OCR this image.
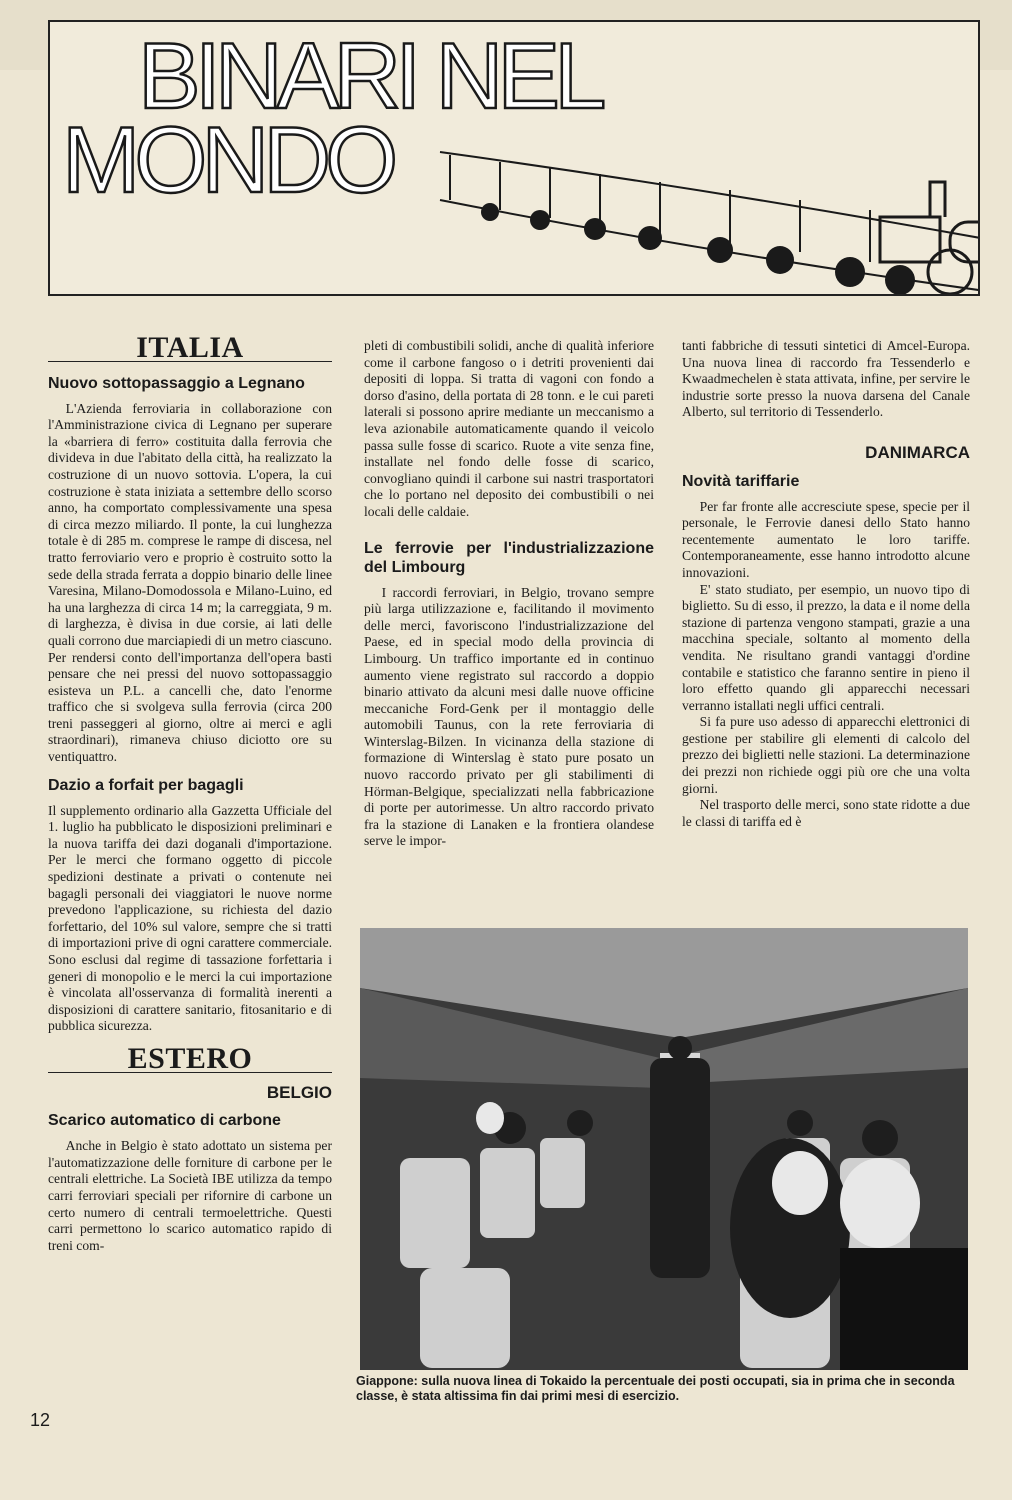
BINARI NEL
MONDO
ITALIA
Nuovo sottopassaggio a Legnano

L'Azienda ferroviaria in collaborazione con l'Amministrazione civica di Legnano per superare la «barriera di ferro» costituita dalla ferrovia che divideva in due l'abitato della città, ha realizzato la costruzione di un nuovo sottovia. L'opera, la cui costruzione è stata iniziata a settembre dello scorso anno, ha comportato complessivamente una spesa di circa mezzo miliardo. Il ponte, la cui lunghezza totale è di 285 m. comprese le rampe di discesa, nel tratto ferroviario vero e proprio è costruito sotto la sede della strada ferrata a doppio binario delle linee Varesina, Milano-Domodossola e Milano-Luino, ed ha una larghezza di circa 14 m; la carreggiata, 9 m. di larghezza, è divisa in due corsie, ai lati delle quali corrono due marciapiedi di un metro ciascuno. Per rendersi conto dell'importanza dell'opera basti pensare che nei pressi del nuovo sottopassaggio esisteva un P.L. a cancelli che, dato l'enorme traffico che si svolgeva sulla ferrovia (circa 200 treni passeggeri al giorno, oltre ai merci e agli straordinari), rimaneva chiuso diciotto ore su ventiquattro.

Dazio a forfait per bagagli

Il supplemento ordinario alla Gazzetta Ufficiale del 1. luglio ha pubblicato le disposizioni preliminari e la nuova tariffa dei dazi doganali d'importazione. Per le merci che formano oggetto di piccole spedizioni destinate a privati o contenute nei bagagli personali dei viaggiatori le nuove norme prevedono l'applicazione, su richiesta del dazio forfettario, del 10% sul valore, sempre che si tratti di importazioni prive di ogni carattere commerciale. Sono esclusi dal regime di tassazione forfettaria i generi di monopolio e le merci la cui importazione è vincolata all'osservanza di formalità inerenti a disposizioni di carattere sanitario, fitosanitario e di pubblica sicurezza.

ESTERO
BELGIO
Scarico automatico di carbone

Anche in Belgio è stato adottato un sistema per l'automatizzazione delle forniture di carbone per le centrali elettriche. La Società IBE utilizza da tempo carri ferroviari speciali per rifornire di carbone un certo numero di centrali termoelettriche. Questi carri permettono lo scarico automatico rapido di treni com-

pleti di combustibili solidi, anche di qualità inferiore come il carbone fangoso o i detriti provenienti dai depositi di loppa. Si tratta di vagoni con fondo a dorso d'asino, della portata di 28 tonn. e le cui pareti laterali si possono aprire mediante un meccanismo a leva azionabile automaticamente quando il veicolo passa sulle fosse di scarico. Ruote a vite senza fine, installate nel fondo delle fosse di scarico, convogliano quindi il carbone sui nastri trasportatori che lo portano nel deposito dei combustibili o nei locali delle caldaie.

Le ferrovie per l'industrializzazione del Limbourg

I raccordi ferroviari, in Belgio, trovano sempre più larga utilizzazione e, facilitando il movimento delle merci, favoriscono l'industrializzazione del Paese, ed in special modo della provincia di Limbourg. Un traffico importante ed in continuo aumento viene registrato sul raccordo a doppio binario attivato da alcuni mesi dalle nuove officine meccaniche Ford-Genk per il montaggio delle automobili Taunus, con la rete ferroviaria di Winterslag-Bilzen. In vicinanza della stazione di formazione di Winterslag è stato pure posato un nuovo raccordo privato per gli stabilimenti di Hörman-Belgique, specializzati nella fabbricazione di porte per autorimesse. Un altro raccordo privato fra la stazione di Lanaken e la frontiera olandese serve le impor-

tanti fabbriche di tessuti sintetici di Amcel-Europa. Una nuova linea di raccordo fra Tessenderlo e Kwaadmechelen è stata attivata, infine, per servire le industrie sorte presso la nuova darsena del Canale Alberto, sul territorio di Tessenderlo.

DANIMARCA
Novità tariffarie

Per far fronte alle accresciute spese, specie per il personale, le Ferrovie danesi dello Stato hanno recentemente aumentato le loro tariffe. Contemporaneamente, esse hanno introdotto alcune innovazioni.

E' stato studiato, per esempio, un nuovo tipo di biglietto. Su di esso, il prezzo, la data e il nome della stazione di partenza vengono stampati, grazie a una macchina speciale, soltanto al momento della vendita. Ne risultano grandi vantaggi d'ordine contabile e statistico che faranno sentire in pieno il loro effetto quando gli apparecchi necessari verranno istallati negli uffici centrali.

Si fa pure uso adesso di apparecchi elettronici di gestione per stabilire gli elementi di calcolo del prezzo dei biglietti nelle stazioni. La determinazione dei prezzi non richiede oggi più ore che una volta giorni.

Nel trasporto delle merci, sono state ridotte a due le classi di tariffa ed è

Giappone: sulla nuova linea di Tokaido la percentuale dei posti occupati, sia in prima che in seconda classe, è stata altissima fin dai primi mesi di esercizio.
12
